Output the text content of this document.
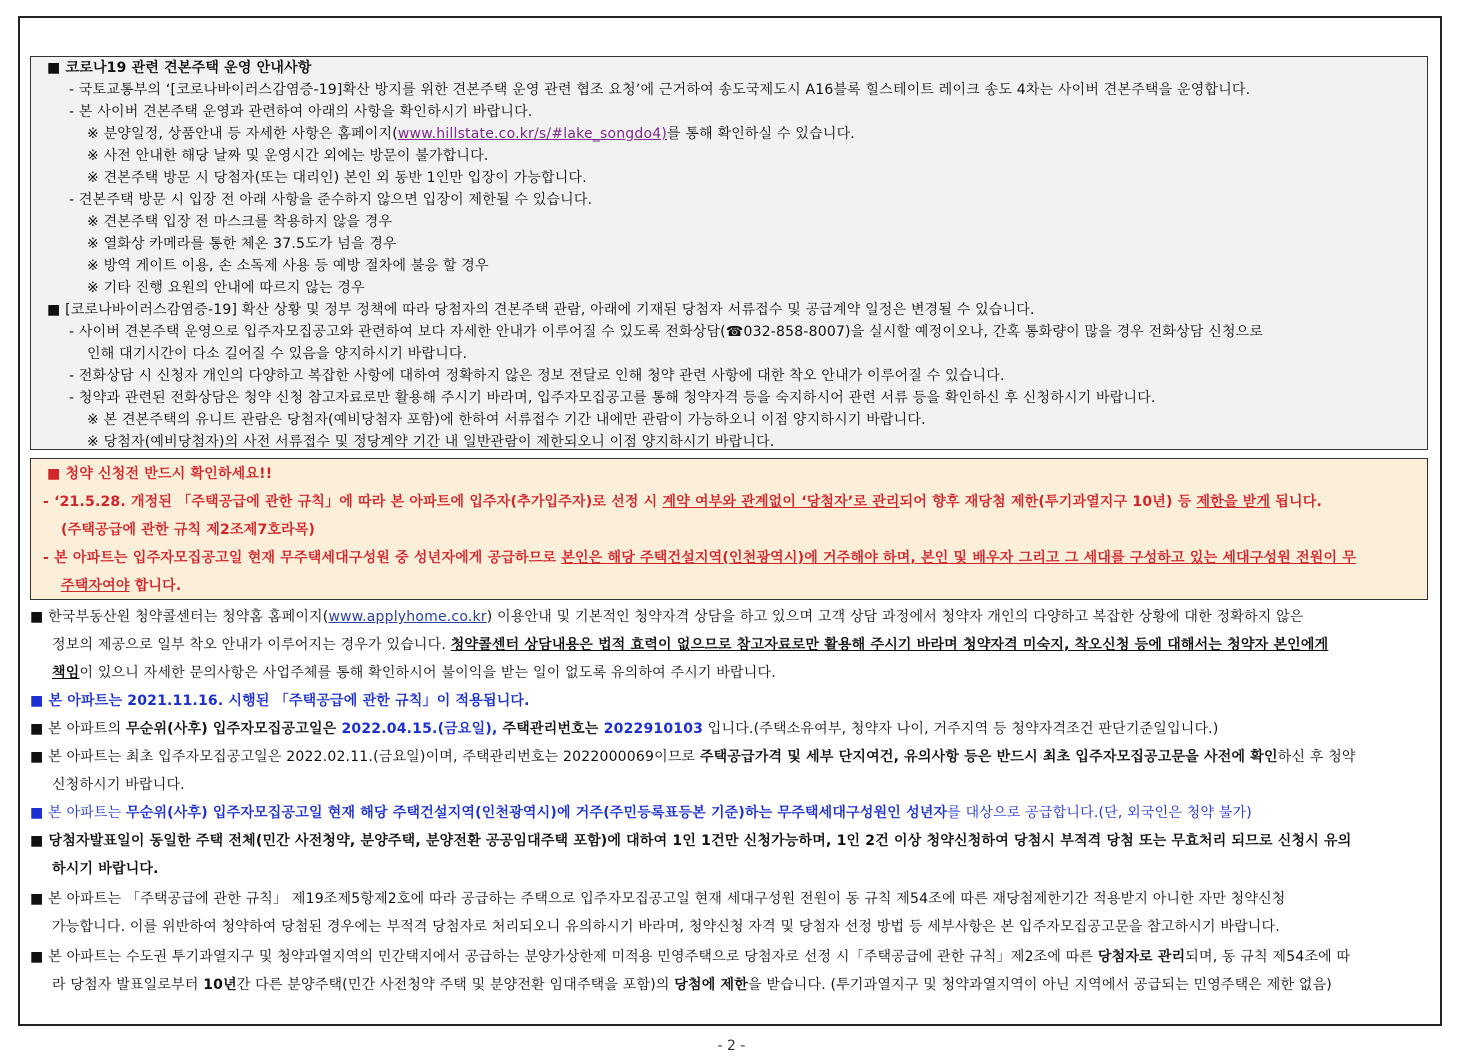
■ 코로나19 관련 견본주택 운영 안내사항
- 국토교통부의 ‘[코로나바이러스감염증-19]확산 방지를 위한 견본주택 운영 관련 협조 요청’에 근거하여 송도국제도시 A16블록 힐스테이트 레이크 송도 4차는 사이버 견본주택을 운영합니다.
- 본 사이버 견본주택 운영과 관련하여 아래의 사항을 확인하시기 바랍니다.
※ 분양일정, 상품안내 등 자세한 사항은 홈페이지(www.hillstate.co.kr/s/#lake_songdo4)를 통해 확인하실 수 있습니다.
※ 사전 안내한 해당 날짜 및 운영시간 외에는 방문이 불가합니다.
※ 견본주택 방문 시 당첨자(또는 대리인) 본인 외 동반 1인만 입장이 가능합니다.
- 견본주택 방문 시 입장 전 아래 사항을 준수하지 않으면 입장이 제한될 수 있습니다.
※ 견본주택 입장 전 마스크를 착용하지 않을 경우
※ 열화상 카메라를 통한 체온 37.5도가 넘을 경우
※ 방역 게이트 이용, 손 소독제 사용 등 예방 절차에 불응 할 경우
※ 기타 진행 요원의 안내에 따르지 않는 경우
■ [코로나바이러스감염증-19] 확산 상황 및 정부 정책에 따라 당첨자의 견본주택 관람, 아래에 기재된 당첨자 서류접수 및 공급계약 일정은 변경될 수 있습니다.
- 사이버 견본주택 운영으로 입주자모집공고와 관련하여 보다 자세한 안내가 이루어질 수 있도록 전화상담(☎032-858-8007)을 실시할 예정이오나, 간혹 통화량이 많을 경우 전화상담 신청으로
인해 대기시간이 다소 길어질 수 있음을 양지하시기 바랍니다.
- 전화상담 시 신청자 개인의 다양하고 복잡한 사항에 대하여 정확하지 않은 정보 전달로 인해 청약 관련 사항에 대한 착오 안내가 이루어질 수 있습니다.
- 청약과 관련된 전화상담은 청약 신청 참고자료로만 활용해 주시기 바라며, 입주자모집공고를 통해 청약자격 등을 숙지하시어 관련 서류 등을 확인하신 후 신청하시기 바랍니다.
※ 본 견본주택의 유니트 관람은 당첨자(예비당첨자 포함)에 한하여 서류접수 기간 내에만 관람이 가능하오니 이점 양지하시기 바랍니다.
※ 당첨자(예비당첨자)의 사전 서류접수 및 정당계약 기간 내 일반관람이 제한되오니 이점 양지하시기 바랍니다.
■ 청약 신청전 반드시 확인하세요!!
- ‘21.5.28. 개정된 「주택공급에 관한 규칙」에 따라 본 아파트에 입주자(추가입주자)로 선정 시 계약 여부와 관계없이 ‘당첨자’로 관리되어 향후 재당첨 제한(투기과열지구 10년) 등 제한을 받게 됩니다.
(주택공급에 관한 규칙 제2조제7호라목)
- 본 아파트는 입주자모집공고일 현재 무주택세대구성원 중 성년자에게 공급하므로 본인은 해당 주택건설지역(인천광역시)에 거주해야 하며, 본인 및 배우자 그리고 그 세대를 구성하고 있는 세대구성원 전원이 무
주택자여야 합니다.
■ 한국부동산원 청약콜센터는 청약홈 홈페이지(www.applyhome.co.kr) 이용안내 및 기본적인 청약자격 상담을 하고 있으며 고객 상담 과정에서 청약자 개인의 다양하고 복잡한 상황에 대한 정확하지 않은
정보의 제공으로 일부 착오 안내가 이루어지는 경우가 있습니다. 청약콜센터 상담내용은 법적 효력이 없으므로 참고자료로만 활용해 주시기 바라며 청약자격 미숙지, 착오신청 등에 대해서는 청약자 본인에게
책임이 있으니 자세한 문의사항은 사업주체를 통해 확인하시어 불이익을 받는 일이 없도록 유의하여 주시기 바랍니다.
■ 본 아파트는 2021.11.16. 시행된 「주택공급에 관한 규칙」이 적용됩니다.
■ 본 아파트의 무순위(사후) 입주자모집공고일은 2022.04.15.(금요일), 주택관리번호는 2022910103 입니다.(주택소유여부, 청약자 나이, 거주지역 등 청약자격조건 판단기준일입니다.)
■ 본 아파트는 최초 입주자모집공고일은 2022.02.11.(금요일)이며, 주택관리번호는 2022000069이므로 주택공급가격 및 세부 단지여건, 유의사항 등은 반드시 최초 입주자모집공고문을 사전에 확인하신 후 청약
신청하시기 바랍니다.
■ 본 아파트는 무순위(사후) 입주자모집공고일 현재 해당 주택건설지역(인천광역시)에 거주(주민등록표등본 기준)하는 무주택세대구성원인 성년자를 대상으로 공급합니다.(단, 외국인은 청약 불가)
■ 당첨자발표일이 동일한 주택 전체(민간 사전청약, 분양주택, 분양전환 공공임대주택 포함)에 대하여 1인 1건만 신청가능하며, 1인 2건 이상 청약신청하여 당첨시 부적격 당첨 또는 무효처리 되므로 신청시 유의
하시기 바랍니다.
■ 본 아파트는 「주택공급에 관한 규칙」 제19조제5항제2호에 따라 공급하는 주택으로 입주자모집공고일 현재 세대구성원 전원이 동 규칙 제54조에 따른 재당첨제한기간 적용받지 아니한 자만 청약신청
가능합니다. 이를 위반하여 청약하여 당첨된 경우에는 부적격 당첨자로 처리되오니 유의하시기 바라며, 청약신청 자격 및 당첨자 선정 방법 등 세부사항은 본 입주자모집공고문을 참고하시기 바랍니다.
■ 본 아파트는 수도권 투기과열지구 및 청약과열지역의 민간택지에서 공급하는 분양가상한제 미적용 민영주택으로 당첨자로 선정 시「주택공급에 관한 규칙」제2조에 따른 당첨자로 관리되며, 동 규칙 제54조에 따
라 당첨자 발표일로부터 10년간 다른 분양주택(민간 사전청약 주택 및 분양전환 임대주택을 포함)의 당첨에 제한을 받습니다. (투기과열지구 및 청약과열지역이 아닌 지역에서 공급되는 민영주택은 제한 없음)
- 2 -
